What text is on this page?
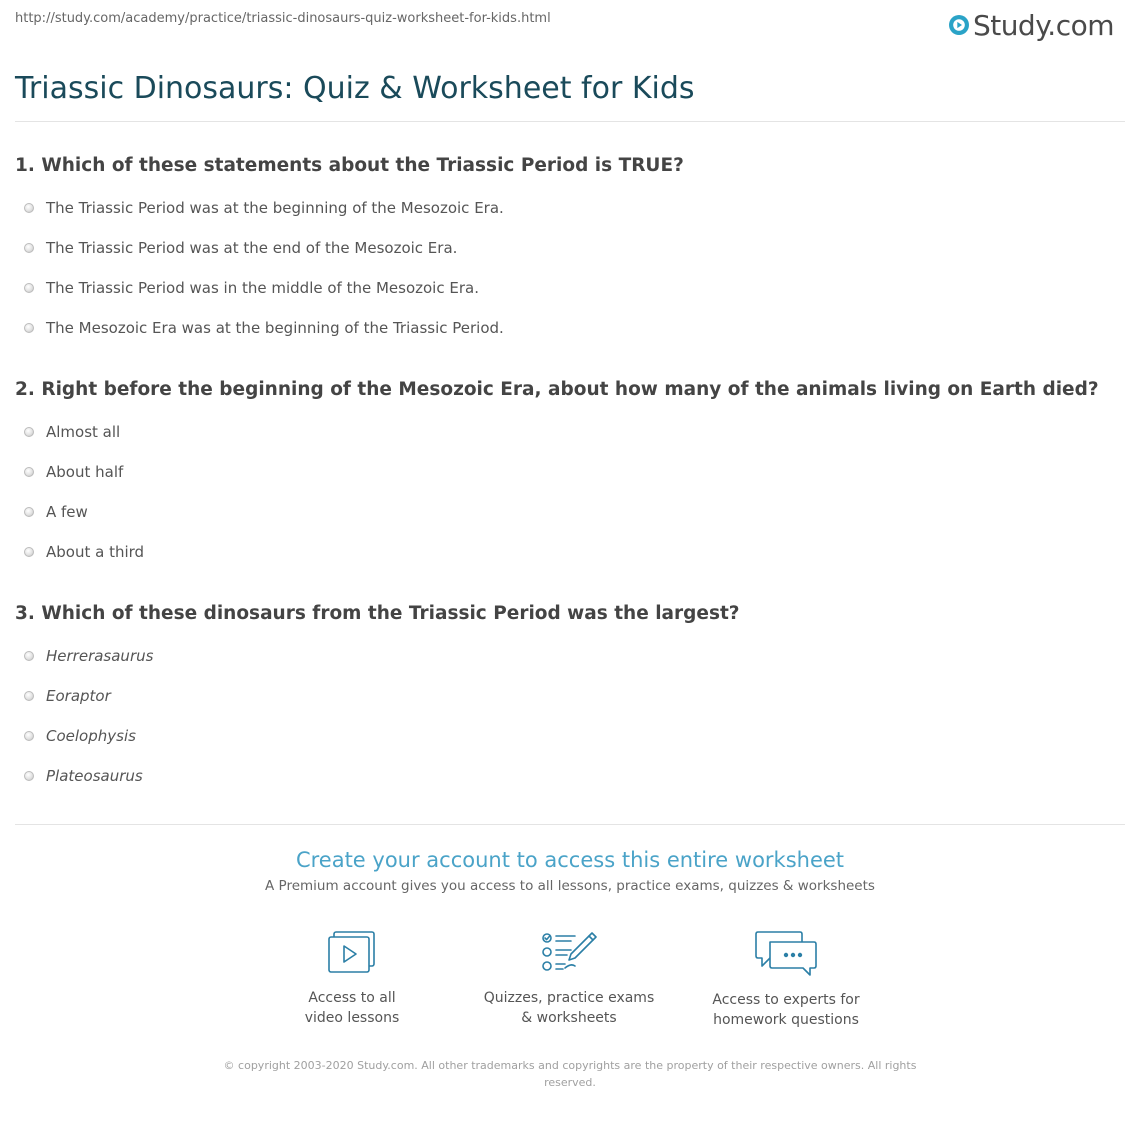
http://study.com/academy/practice/triassic-dinosaurs-quiz-worksheet-for-kids.html	Study.com
Triassic Dinosaurs: Quiz & Worksheet for Kids
1. Which of these statements about the Triassic Period is TRUE?
The Triassic Period was at the beginning of the Mesozoic Era.
The Triassic Period was at the end of the Mesozoic Era.
The Triassic Period was in the middle of the Mesozoic Era.
The Mesozoic Era was at the beginning of the Triassic Period.
2. Right before the beginning of the Mesozoic Era, about how many of the animals living on Earth died?
Almost all
About half
A few
About a third
3. Which of these dinosaurs from the Triassic Period was the largest?
Herrerasaurus
Eoraptor
Coelophysis
Plateosaurus
Create your account to access this entire worksheet
A Premium account gives you access to all lessons, practice exams, quizzes & worksheets
Access to all
video lessons
Quizzes, practice exams
& worksheets
Access to experts for
homework questions
© copyright 2003-2020 Study.com. All other trademarks and copyrights are the property of their respective owners. All rights
reserved.
